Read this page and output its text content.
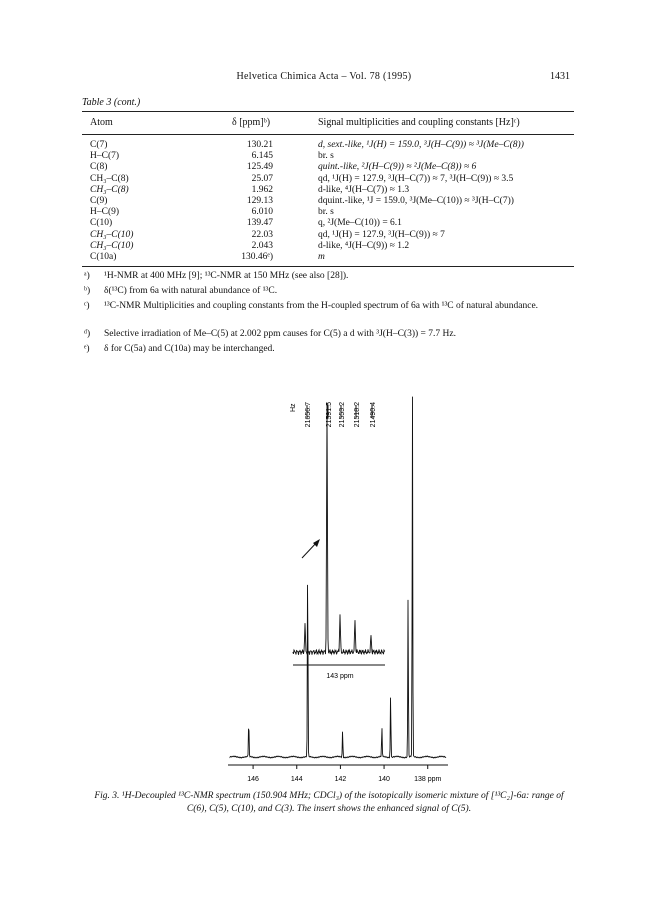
Helvetica Chimica Acta – Vol. 78 (1995)	1431
Table 3 (cont.)
Atom	δ [ppm]ᵇ)	Signal multiplicities and coupling constants [Hz]ᶜ)
C(7)	130.21	d, sext.-like, ¹J(H) = 159.0, ³J(H–C(9)) ≈ ³J(Me–C(8))
H–C(7)	6.145	br. s
C(8)	125.49	quint.-like, ²J(H–C(9)) ≈ ²J(Me–C(8)) ≈ 6
CH₃–C(8)	25.07	qd, ¹J(H) = 127.9, ³J(H–C(7)) ≈ 7, ³J(H–C(9)) ≈ 3.5
CH₃–C(8)	1.962	d-like, ⁴J(H–C(7)) ≈ 1.3
C(9)	129.13	dquint.-like, ¹J = 159.0, ³J(Me–C(10)) ≈ ³J(H–C(7))
H–C(9)	6.010	br. s
C(10)	139.47	q, ²J(Me–C(10)) = 6.1
CH₃–C(10)	22.03	qd, ¹J(H) = 127.9, ³J(H–C(9)) ≈ 7
CH₃–C(10)	2.043	d-like, ⁴J(H–C(9)) ≈ 1.2
C(10a)	130.46ᵉ)	m
ᵃ) ¹H-NMR at 400 MHz [9]; ¹³C-NMR at 150 MHz (see also [28]).
ᵇ) δ(¹³C) from 6a with natural abundance of ¹³C.
ᶜ) ¹³C-NMR Multiplicities and coupling constants from the H-coupled spectrum of 6a with ¹³C of natural abundance.
ᵈ) Selective irradiation of Me–C(5) at 2.002 ppm causes for C(5) a d with ³J(H–C(3)) = 7.7 Hz.
ᵉ) δ for C(5a) and C(10a) may be interchanged.
Hz 21656.7 21591.5 21553.2 21518.2 21490.4
143 ppm
146	144	142	140	138 ppm
Fig. 3. ¹H-Decoupled ¹³C-NMR spectrum (150.904 MHz; CDCl₃) of the isotopically isomeric mixture of [¹³C₂]-6a: range of C(6), C(5), C(10), and C(3). The insert shows the enhanced signal of C(5).
